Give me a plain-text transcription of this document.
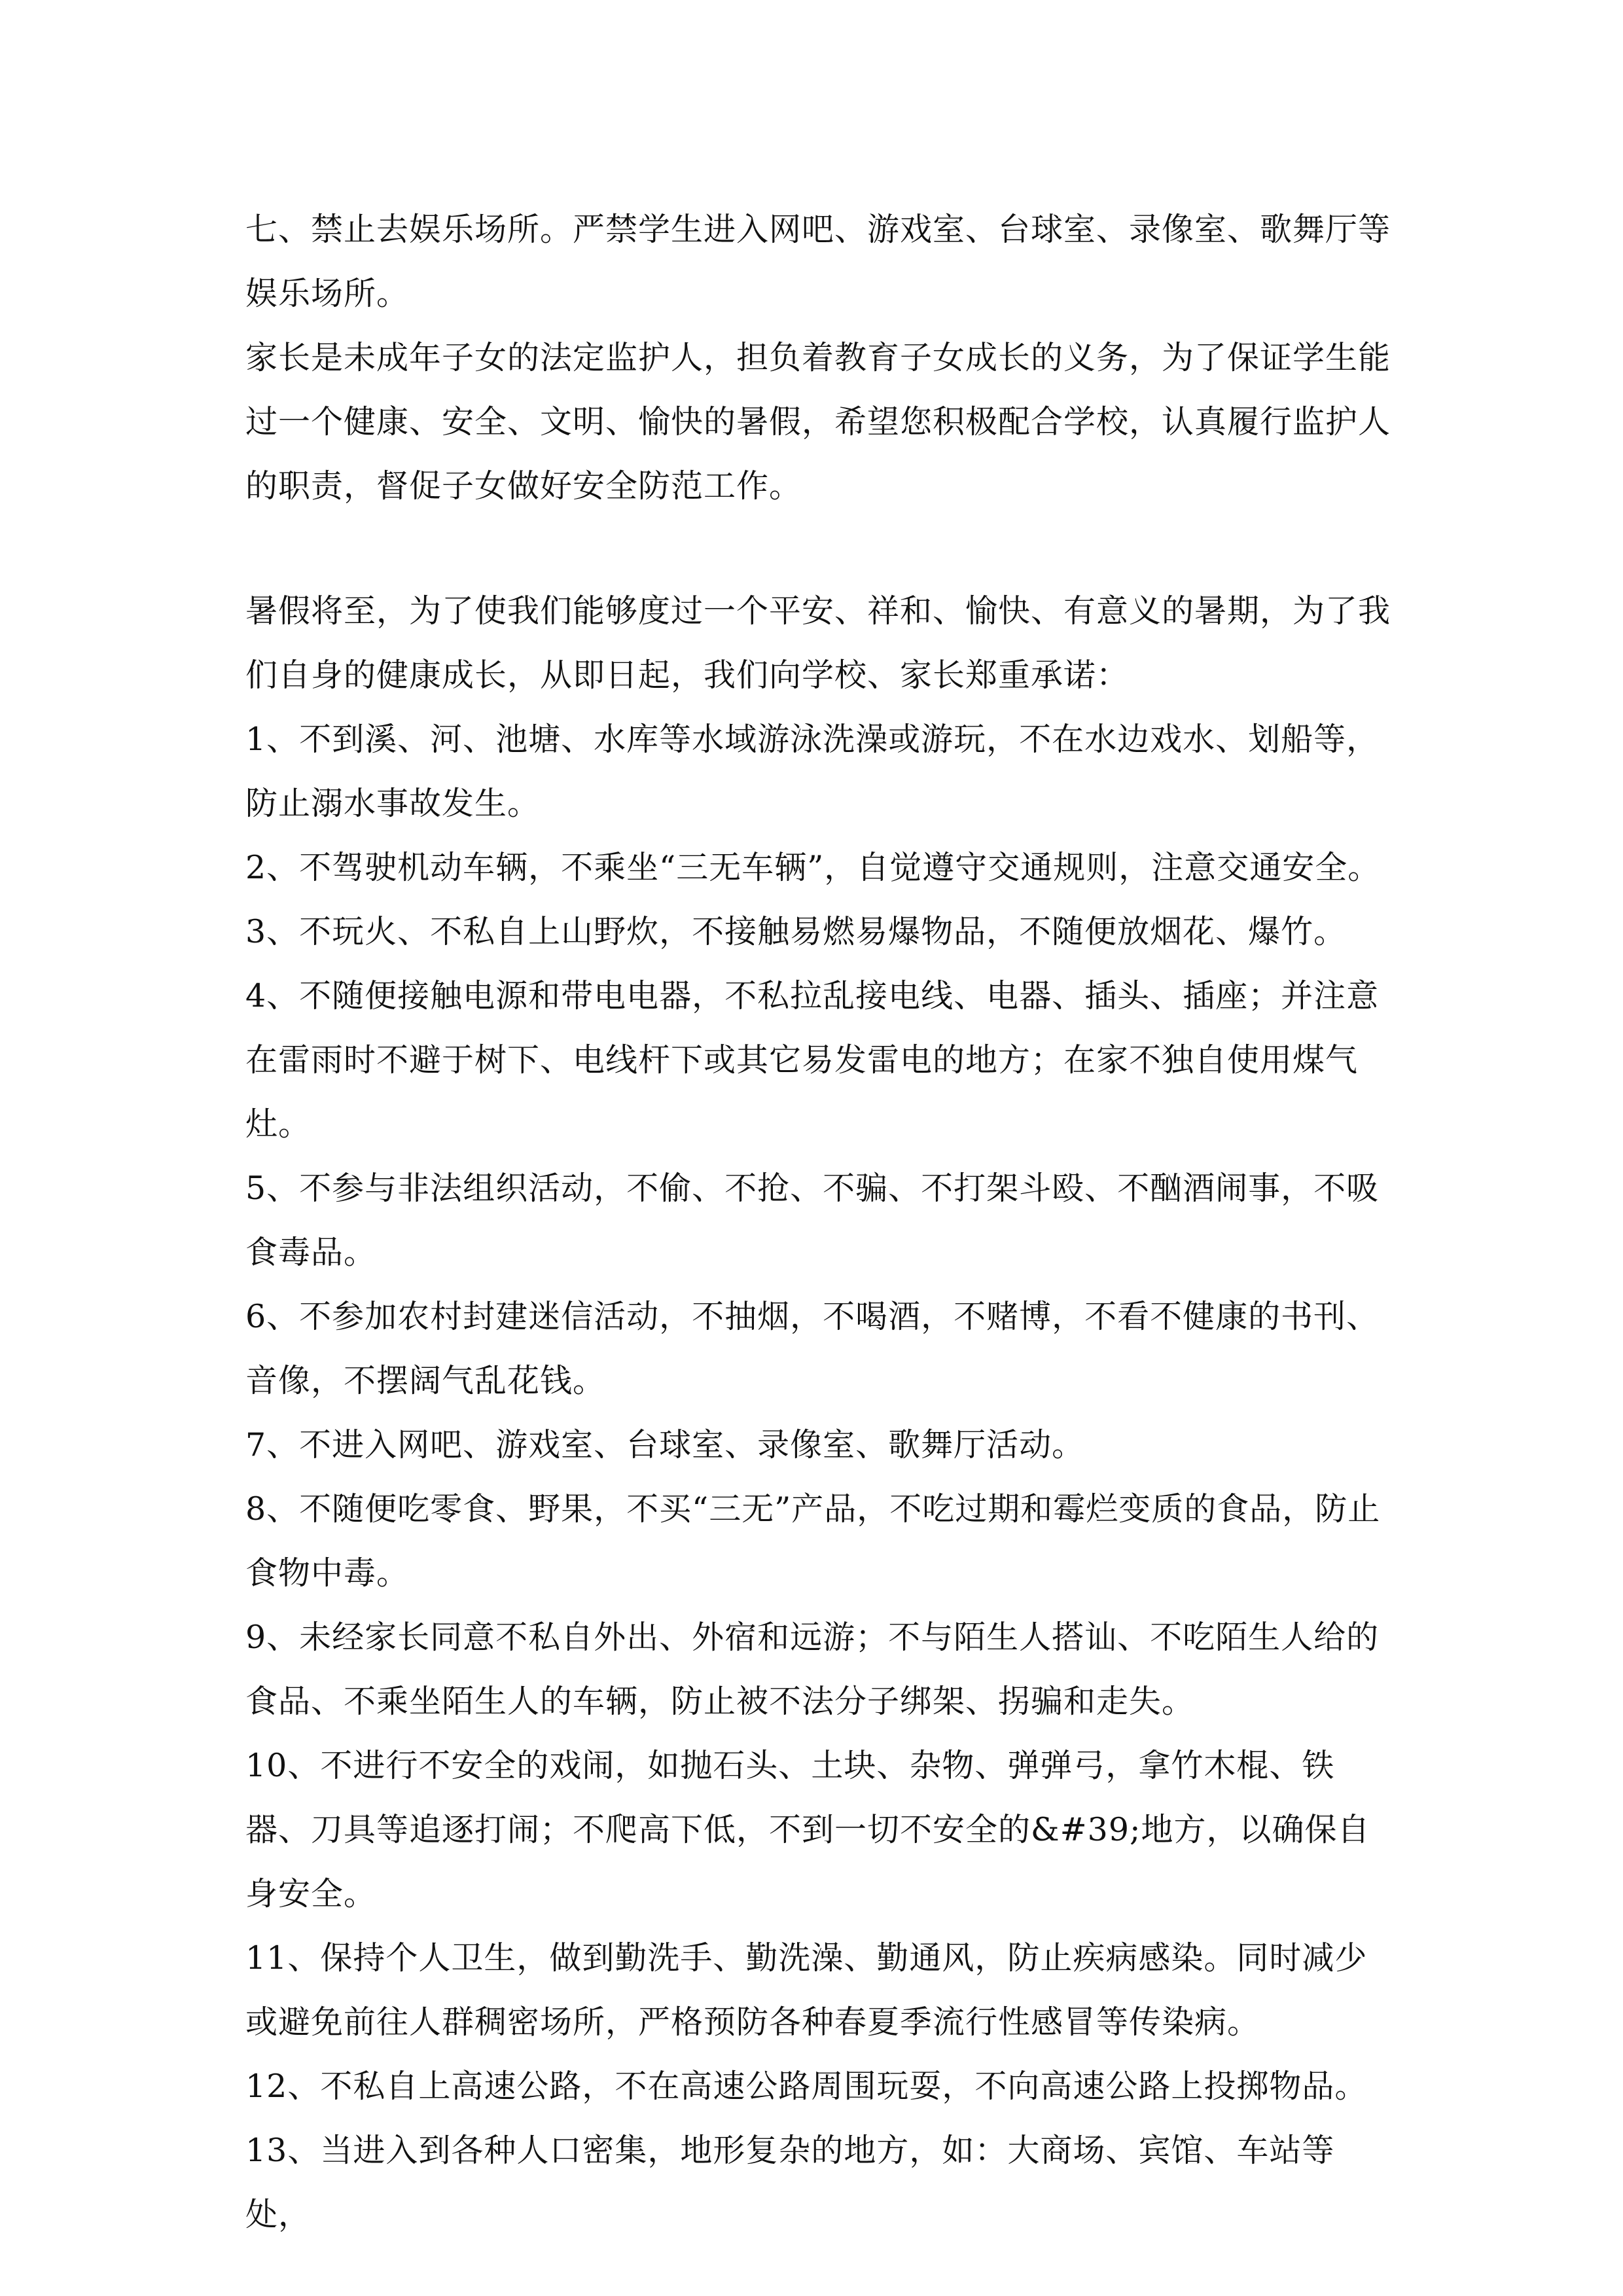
七、禁止去娱乐场所。严禁学生进入网吧、游戏室、台球室、录像室、歌舞厅等娱乐场所。

家长是未成年子女的法定监护人，担负着教育子女成长的义务，为了保证学生能过一个健康、安全、文明、愉快的暑假，希望您积极配合学校，认真履行监护人的职责，督促子女做好安全防范工作。

暑假将至，为了使我们能够度过一个平安、祥和、愉快、有意义的暑期，为了我们自身的健康成长，从即日起，我们向学校、家长郑重承诺：

1、不到溪、河、池塘、水库等水域游泳洗澡或游玩，不在水边戏水、划船等，防止溺水事故发生。

2、不驾驶机动车辆，不乘坐“三无车辆”，自觉遵守交通规则，注意交通安全。

3、不玩火、不私自上山野炊，不接触易燃易爆物品，不随便放烟花、爆竹。

4、不随便接触电源和带电电器，不私拉乱接电线、电器、插头、插座；并注意在雷雨时不避于树下、电线杆下或其它易发雷电的地方；在家不独自使用煤气灶。

5、不参与非法组织活动，不偷、不抢、不骗、不打架斗殴、不酗酒闹事，不吸食毒品。

6、不参加农村封建迷信活动，不抽烟，不喝酒，不赌博，不看不健康的书刊、音像，不摆阔气乱花钱。

7、不进入网吧、游戏室、台球室、录像室、歌舞厅活动。

8、不随便吃零食、野果，不买“三无”产品，不吃过期和霉烂变质的食品，防止食物中毒。

9、未经家长同意不私自外出、外宿和远游；不与陌生人搭讪、不吃陌生人给的食品、不乘坐陌生人的车辆，防止被不法分子绑架、拐骗和走失。

10、不进行不安全的戏闹，如抛石头、土块、杂物、弹弹弓，拿竹木棍、铁器、刀具等追逐打闹；不爬高下低，不到一切不安全的&#39;地方，以确保自身安全。

11、保持个人卫生，做到勤洗手、勤洗澡、勤通风，防止疾病感染。同时减少或避免前往人群稠密场所，严格预防各种春夏季流行性感冒等传染病。

12、不私自上高速公路，不在高速公路周围玩耍，不向高速公路上投掷物品。

13、当进入到各种人口密集，地形复杂的地方，如：大商场、宾馆、车站等处，
